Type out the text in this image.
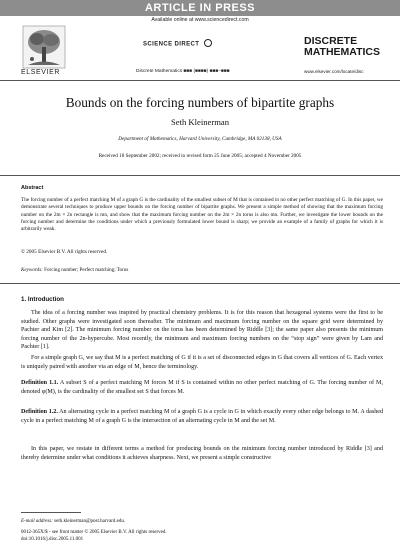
ARTICLE IN PRESS
Available online at www.sciencedirect.com
ELSEVIER
SCIENCE DIRECT
Discrete Mathematics ■■■ (■■■■) ■■■–■■■
DISCRETE
MATHEMATICS
www.elsevier.com/locate/disc
Bounds on the forcing numbers of bipartite graphs
Seth Kleinerman
Department of Mathematics, Harvard University, Cambridge, MA 02138, USA
Received 18 September 2002; received in revised form 25 June 2005; accepted 4 November 2005
Abstract

The forcing number of a perfect matching M of a graph G is the cardinality of the smallest subset of M that is contained in no other perfect matching of G. In this paper, we demonstrate several techniques to produce upper bounds on the forcing number of bipartite graphs. We present a simple method of showing that the maximum forcing number on the 2m × 2n rectangle is mn, and show that the maximum forcing number on the 2m × 2n torus is also mn. Further, we investigate the lower bounds on the forcing number and determine the conditions under which a previously formulated lower bound is sharp; we provide an example of a family of graphs for which it is arbitrarily weak.

© 2005 Elsevier B.V. All rights reserved.
Keywords: Forcing number; Perfect matching; Torus
1. Introduction

The idea of a forcing number was inspired by practical chemistry problems. It is for this reason that hexagonal systems were the first to be studied. Other graphs were investigated soon thereafter. The minimum and maximum forcing number on the square grid were determined by Pachter and Kim [2]. The minimum forcing number on the torus has been determined by Riddle [3]; the same paper also presents the minimum forcing number of the 2n-hypercube. Most recently, the minimum and maximum forcing numbers on the “stop sign” were given by Lam and Pachter [1].

For a simple graph G, we say that M is a perfect matching of G if it is a set of disconnected edges in G that covers all vertices of G. Each vertex is uniquely paired with another via an edge of M, hence the terminology.

Definition 1.1. A subset S of a perfect matching M forces M if S is contained within no other perfect matching of G. The forcing number of M, denoted φ(M), is the cardinality of the smallest set S that forces M.

Definition 1.2. An alternating cycle in a perfect matching M of a graph G is a cycle in G in which exactly every other edge belongs to M. A dashed cycle in a perfect matching M of a graph G is the intersection of an alternating cycle in M and the set M.

In this paper, we restate in different terms a method for producing bounds on the minimum forcing number introduced by Riddle [3] and thereby determine under what conditions it achieves sharpness. Next, we present a simple constructive

E-mail address: seth.kleinerman@post.harvard.edu.
0012-365X/$ - see front matter © 2005 Elsevier B.V. All rights reserved.
doi:10.1016/j.disc.2005.11.001
